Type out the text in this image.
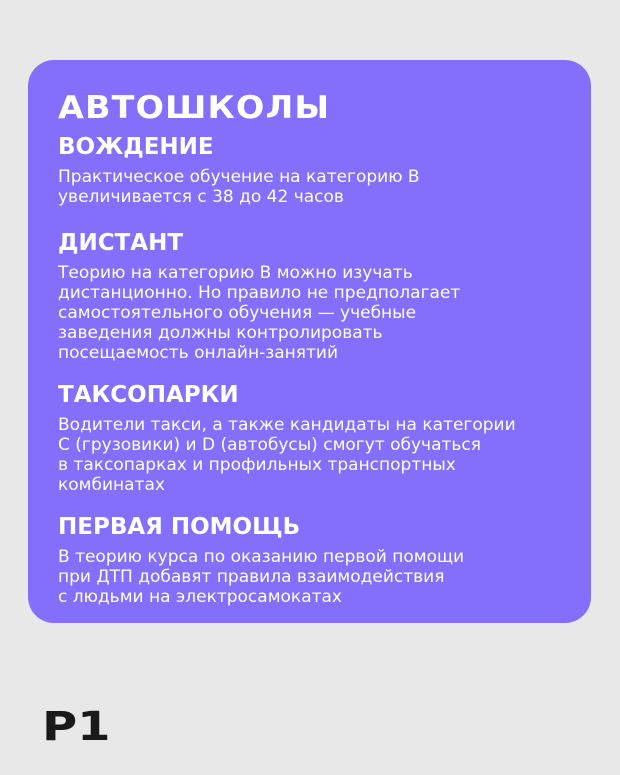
АВТОШКОЛЫ
ВОЖДЕНИЕ
Практическое обучение на категорию B
увеличивается с 38 до 42 часов
ДИСТАНТ
Теорию на категорию B можно изучать
дистанционно. Но правило не предполагает
самостоятельного обучения — учебные
заведения должны контролировать
посещаемость онлайн-занятий
ТАКСОПАРКИ
Водители такси, а также кандидаты на категории
C (грузовики) и D (автобусы) смогут обучаться
в таксопарках и профильных транспортных
комбинатах
ПЕРВАЯ ПОМОЩЬ
В теорию курса по оказанию первой помощи
при ДТП добавят правила взаимодействия
с людьми на электросамокатах
P1
